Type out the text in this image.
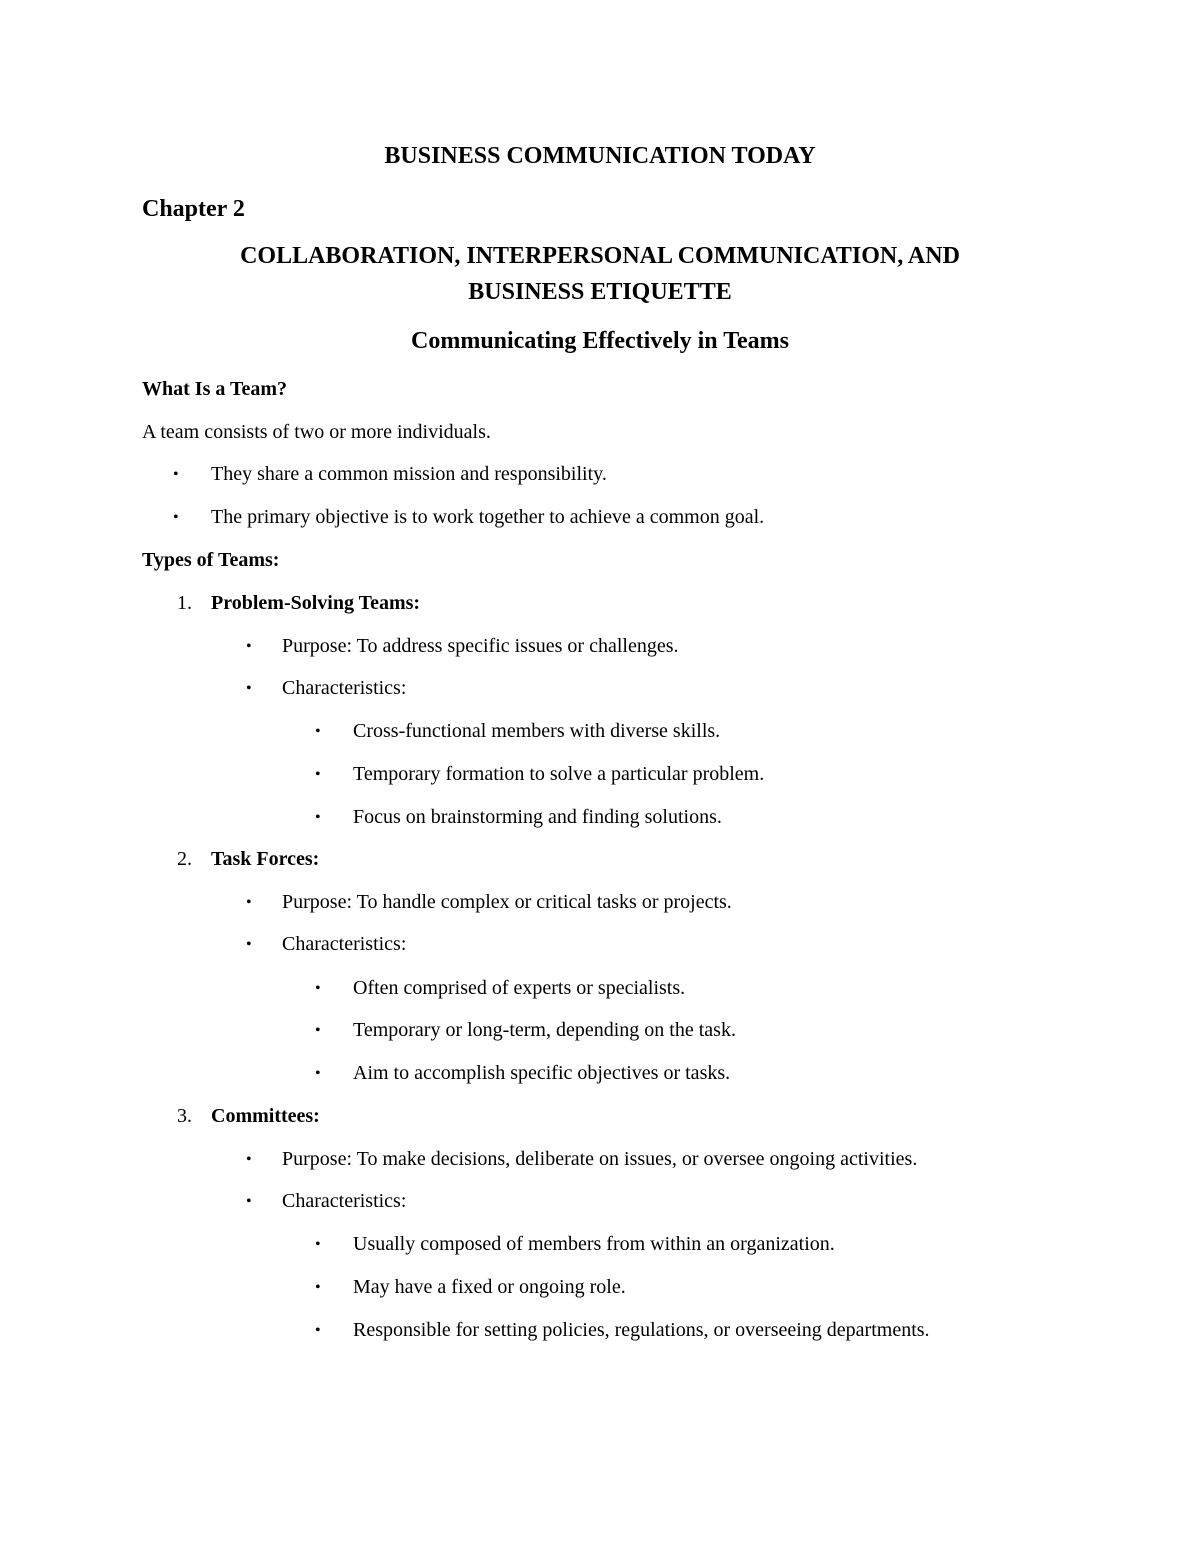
BUSINESS COMMUNICATION TODAY
Chapter 2
COLLABORATION, INTERPERSONAL COMMUNICATION, AND
BUSINESS ETIQUETTE
Communicating Effectively in Teams
What Is a Team?
A team consists of two or more individuals.
• They share a common mission and responsibility.
• The primary objective is to work together to achieve a common goal.
Types of Teams:
1. Problem-Solving Teams:
• Purpose: To address specific issues or challenges.
• Characteristics:
• Cross-functional members with diverse skills.
• Temporary formation to solve a particular problem.
• Focus on brainstorming and finding solutions.
2. Task Forces:
• Purpose: To handle complex or critical tasks or projects.
• Characteristics:
• Often comprised of experts or specialists.
• Temporary or long-term, depending on the task.
• Aim to accomplish specific objectives or tasks.
3. Committees:
• Purpose: To make decisions, deliberate on issues, or oversee ongoing activities.
• Characteristics:
• Usually composed of members from within an organization.
• May have a fixed or ongoing role.
• Responsible for setting policies, regulations, or overseeing departments.
